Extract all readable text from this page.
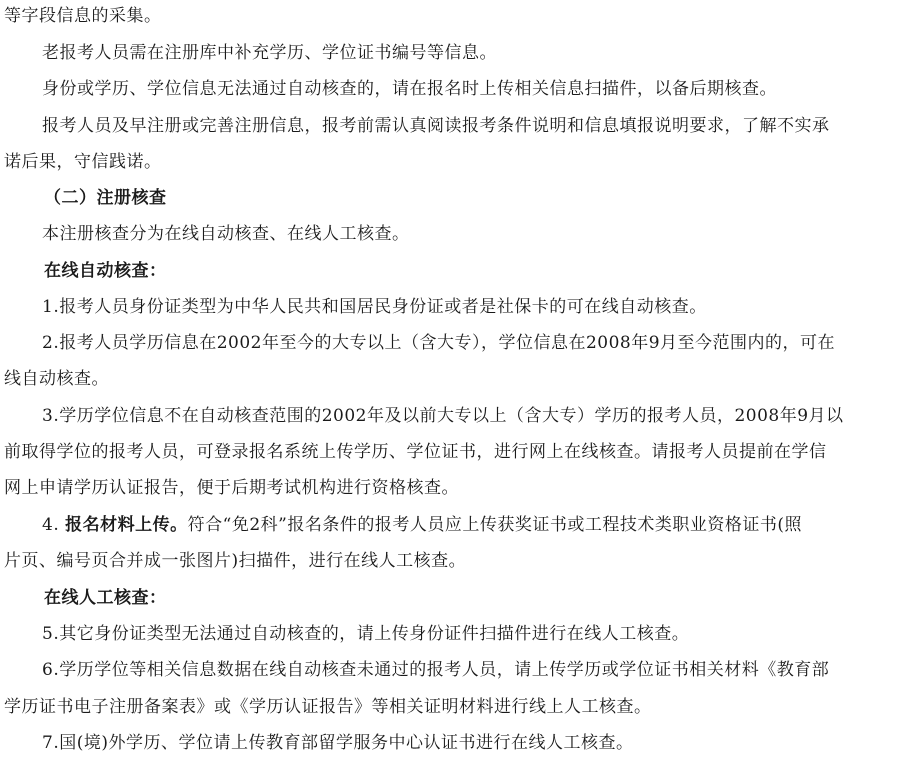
等字段信息的采集。
老报考人员需在注册库中补充学历、学位证书编号等信息。
身份或学历、学位信息无法通过自动核查的，请在报名时上传相关信息扫描件，以备后期核查。
报考人员及早注册或完善注册信息，报考前需认真阅读报考条件说明和信息填报说明要求，了解不实承
诺后果，守信践诺。
（二）注册核查
本注册核查分为在线自动核查、在线人工核查。
在线自动核查：
1.报考人员身份证类型为中华人民共和国居民身份证或者是社保卡的可在线自动核查。
2.报考人员学历信息在2002年至今的大专以上（含大专），学位信息在2008年9月至今范围内的，可在
线自动核查。
3.学历学位信息不在自动核查范围的2002年及以前大专以上（含大专）学历的报考人员，2008年9月以
前取得学位的报考人员，可登录报名系统上传学历、学位证书，进行网上在线核查。请报考人员提前在学信
网上申请学历认证报告，便于后期考试机构进行资格核查。
4. 报名材料上传。符合“免2科”报名条件的报考人员应上传获奖证书或工程技术类职业资格证书(照
片页、编号页合并成一张图片)扫描件，进行在线人工核查。
在线人工核查：
5.其它身份证类型无法通过自动核查的，请上传身份证件扫描件进行在线人工核查。
6.学历学位等相关信息数据在线自动核查未通过的报考人员，请上传学历或学位证书相关材料《教育部
学历证书电子注册备案表》或《学历认证报告》等相关证明材料进行线上人工核查。
7.国(境)外学历、学位请上传教育部留学服务中心认证书进行在线人工核查。
